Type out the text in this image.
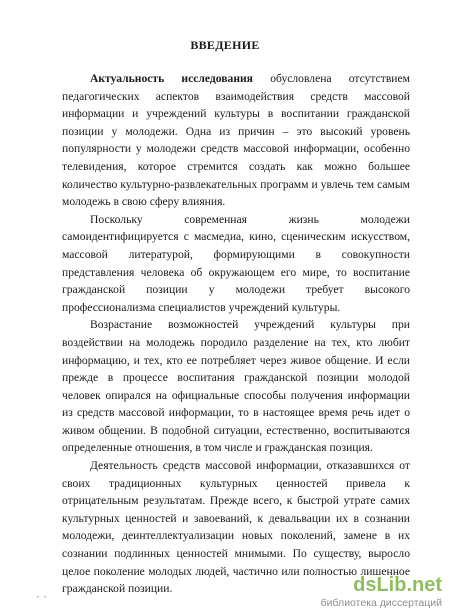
ВВЕДЕНИЕ

Актуальность исследования обусловлена отсутствием педагогических аспектов взаимодействия средств массовой информации и учреждений культуры в воспитании гражданской позиции у молодежи. Одна из причин – это высокий уровень популярности у молодежи средств массовой информации, особенно телевидения, которое стремится создать как можно большее количество культурно-развлекательных программ и увлечь тем самым молодежь в свою сферу влияния.

Поскольку современная жизнь молодежи самоидентифицируется с масмедиа, кино, сценическим искусством, массовой литературой, формирующими в совокупности представления человека об окружающем его мире, то воспитание гражданской позиции у молодежи требует высокого профессионализма специалистов учреждений культуры.

Возрастание возможностей учреждений культуры при воздействии на молодежь породило разделение на тех, кто любит информацию, и тех, кто ее потребляет через живое общение. И если прежде в процессе воспитания гражданской позиции молодой человек опирался на официальные способы получения информации из средств массовой информации, то в настоящее время речь идет о живом общении. В подобной ситуации, естественно, воспитываются определенные отношения, в том числе и гражданская позиция.

Деятельность средств массовой информации, отказавшихся от своих традиционных культурных ценностей привела к отрицательным результатам. Прежде всего, к быстрой утрате самих культурных ценностей и завоеваний, к девальвации их в сознании молодежи, деинтеллектуализации новых поколений, замене в их сознании подлинных ценностей мнимыми. По существу, выросло целое поколение молодых людей, частично или полностью лишенное гражданской позиции.

• •
dsLib.net
библиотека диссертаций
